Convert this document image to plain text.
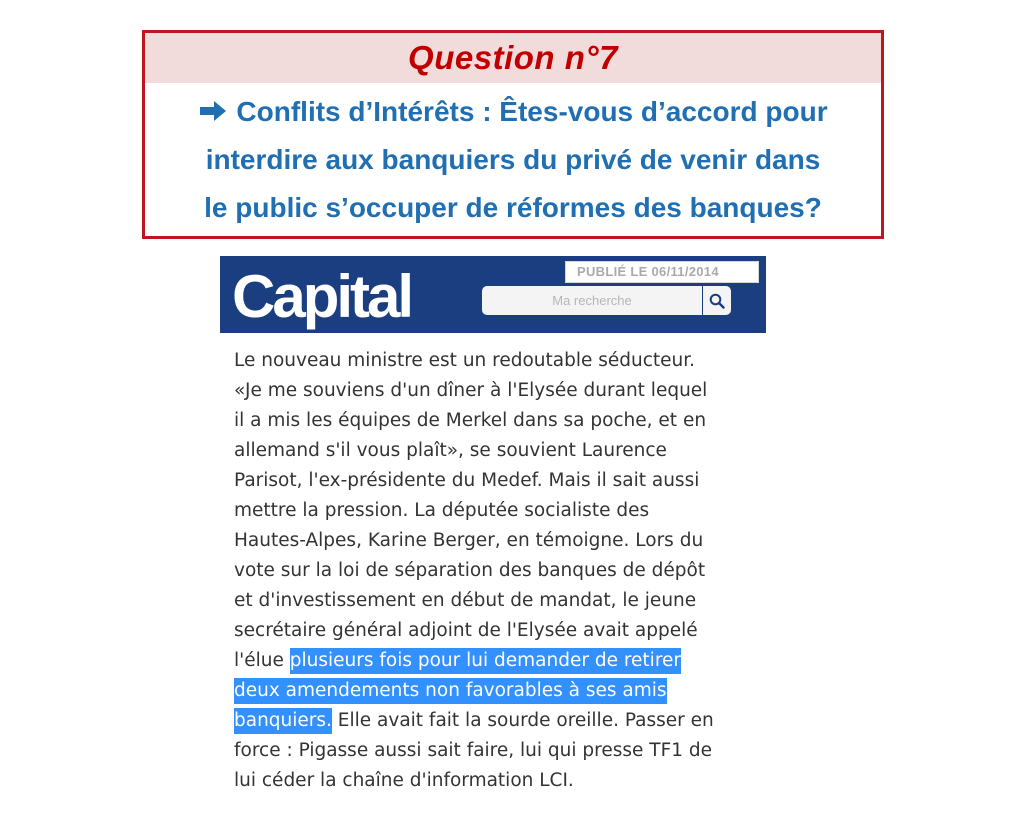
Question n°7
Conflits d’Intérêts : Êtes-vous d’accord pour
interdire aux banquiers du privé de venir dans
le public s’occuper de réformes des banques?
Capital	PUBLIÉ LE 06/11/2014
Ma recherche
Le nouveau ministre est un redoutable séducteur.
«Je me souviens d'un dîner à l'Elysée durant lequel
il a mis les équipes de Merkel dans sa poche, et en
allemand s'il vous plaît», se souvient Laurence
Parisot, l'ex-présidente du Medef. Mais il sait aussi
mettre la pression. La députée socialiste des
Hautes-Alpes, Karine Berger, en témoigne. Lors du
vote sur la loi de séparation des banques de dépôt
et d'investissement en début de mandat, le jeune
secrétaire général adjoint de l'Elysée avait appelé
l'élue plusieurs fois pour lui demander de retirer
deux amendements non favorables à ses amis
banquiers. Elle avait fait la sourde oreille. Passer en
force : Pigasse aussi sait faire, lui qui presse TF1 de
lui céder la chaîne d'information LCI.
